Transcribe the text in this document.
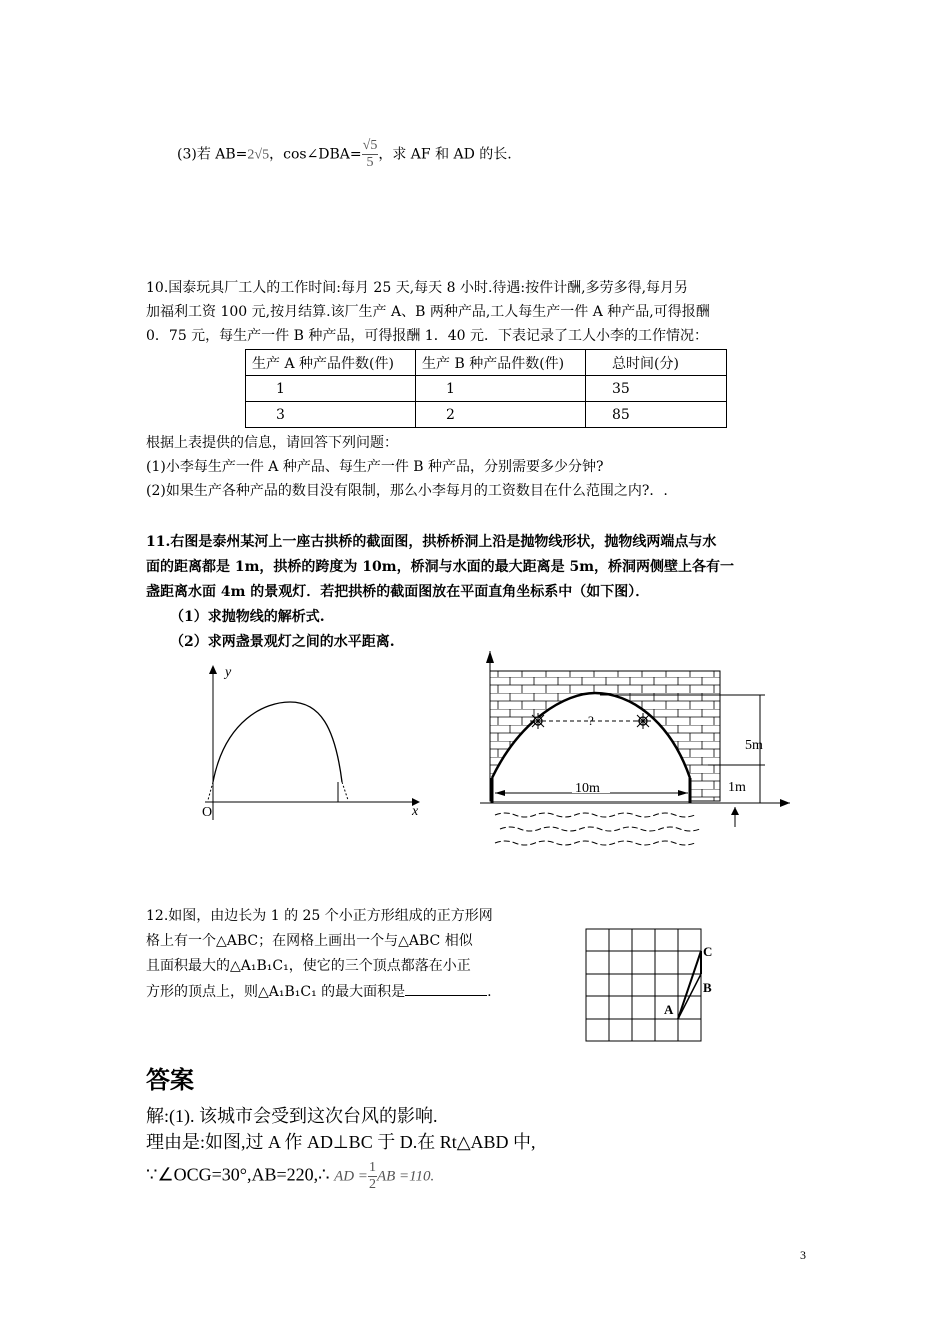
(3)若 AB=2√5，cos∠DBA= $\frac{√5}{5}$ ，求 AF 和 AD 的长.
10.国泰玩具厂工人的工作时间:每月 25 天,每天 8 小时.待遇:按件计酬,多劳多得,每月另
加福利工资 100 元,按月结算.该厂生产 A、B 两种产品,工人每生产一件 A 种产品,可得报酬
0．75 元，每生产一件 B 种产品，可得报酬 1．40 元．下表记录了工人小李的工作情况：
生产 A 种产品件数(件)	生产 B 种产品件数(件)	总时间(分)
1	1	35
3	2	85
根据上表提供的信息，请回答下列问题：
(1)小李每生产一件 A 种产品、每生产一件 B 种产品，分别需要多少分钟?
(2)如果生产各种产品的数目没有限制，那么小李每月的工资数目在什么范围之内?．.
11.右图是泰州某河上一座古拱桥的截面图，拱桥桥洞上沿是抛物线形状，抛物线两端点与水
面的距离都是 1m，拱桥的跨度为 10m，桥洞与水面的最大距离是 5m，桥洞两侧壁上各有一
盏距离水面 4m 的景观灯．若把拱桥的截面图放在平面直角坐标系中（如下图）．
（1）求抛物线的解析式.
（2）求两盏景观灯之间的水平距离.
y
x
O
10m
?
5m
1m
12.如图，由边长为 1 的 25 个小正方形组成的正方形网
格上有一个△ABC；在网格上画出一个与△ABC 相似
且面积最大的△A₁B₁C₁，使它的三个顶点都落在小正
方形的顶点上，则△A₁B₁C₁ 的最大面积是	.
C
B
A
答案
解:(1). 该城市会受到这次台风的影响.
理由是:如图,过 A 作 AD⊥BC 于 D.在 Rt△ABD 中,
∵∠OCG=30°,AB=220,∴ AD = $\frac{1}{2}$ AB =110.
3
